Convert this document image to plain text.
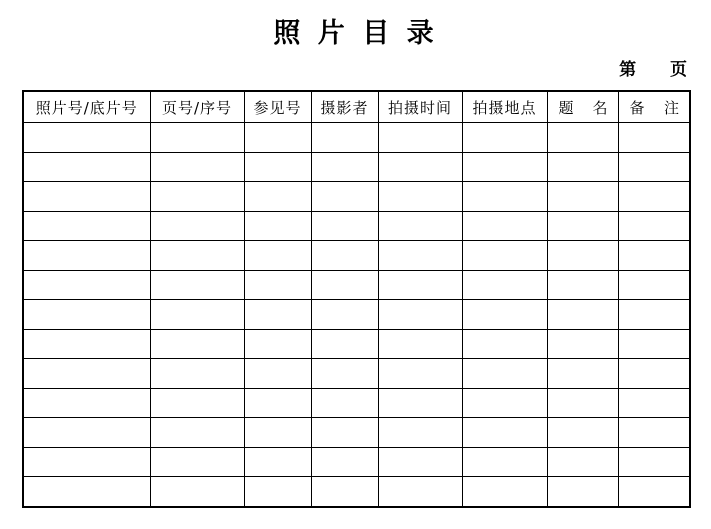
照 片 目 录
第 页
照片号/底片号	页号/序号	参见号	摄影者	拍摄时间	拍摄地点	题 名	备 注
